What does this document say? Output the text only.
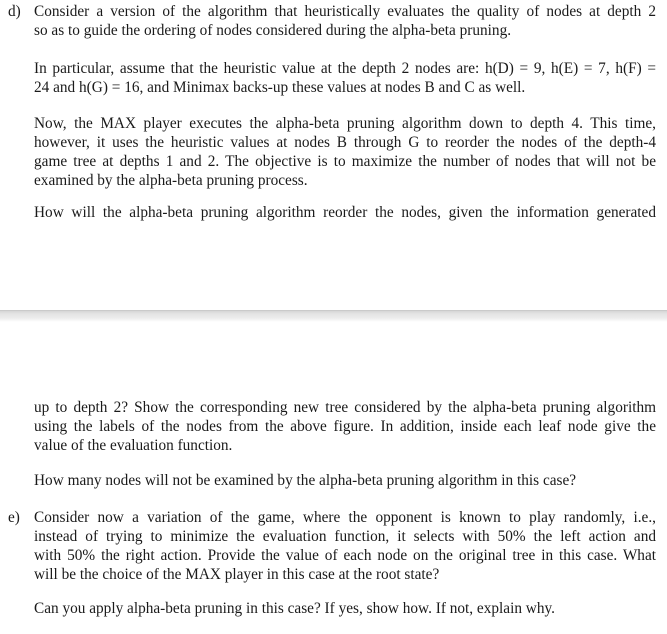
d) Consider a version of the algorithm that heuristically evaluates the quality of nodes at depth 2
so as to guide the ordering of nodes considered during the alpha-beta pruning.

In particular, assume that the heuristic value at the depth 2 nodes are: h(D) = 9, h(E) = 7, h(F) =
24 and h(G) = 16, and Minimax backs-up these values at nodes B and C as well.

Now, the MAX player executes the alpha-beta pruning algorithm down to depth 4. This time,
however, it uses the heuristic values at nodes B through G to reorder the nodes of the depth-4
game tree at depths 1 and 2. The objective is to maximize the number of nodes that will not be
examined by the alpha-beta pruning process.

How will the alpha-beta pruning algorithm reorder the nodes, given the information generated

up to depth 2? Show the corresponding new tree considered by the alpha-beta pruning algorithm
using the labels of the nodes from the above figure. In addition, inside each leaf node give the
value of the evaluation function.

How many nodes will not be examined by the alpha-beta pruning algorithm in this case?

e) Consider now a variation of the game, where the opponent is known to play randomly, i.e.,
instead of trying to minimize the evaluation function, it selects with 50% the left action and
with 50% the right action. Provide the value of each node on the original tree in this case. What
will be the choice of the MAX player in this case at the root state?

Can you apply alpha-beta pruning in this case? If yes, show how. If not, explain why.
